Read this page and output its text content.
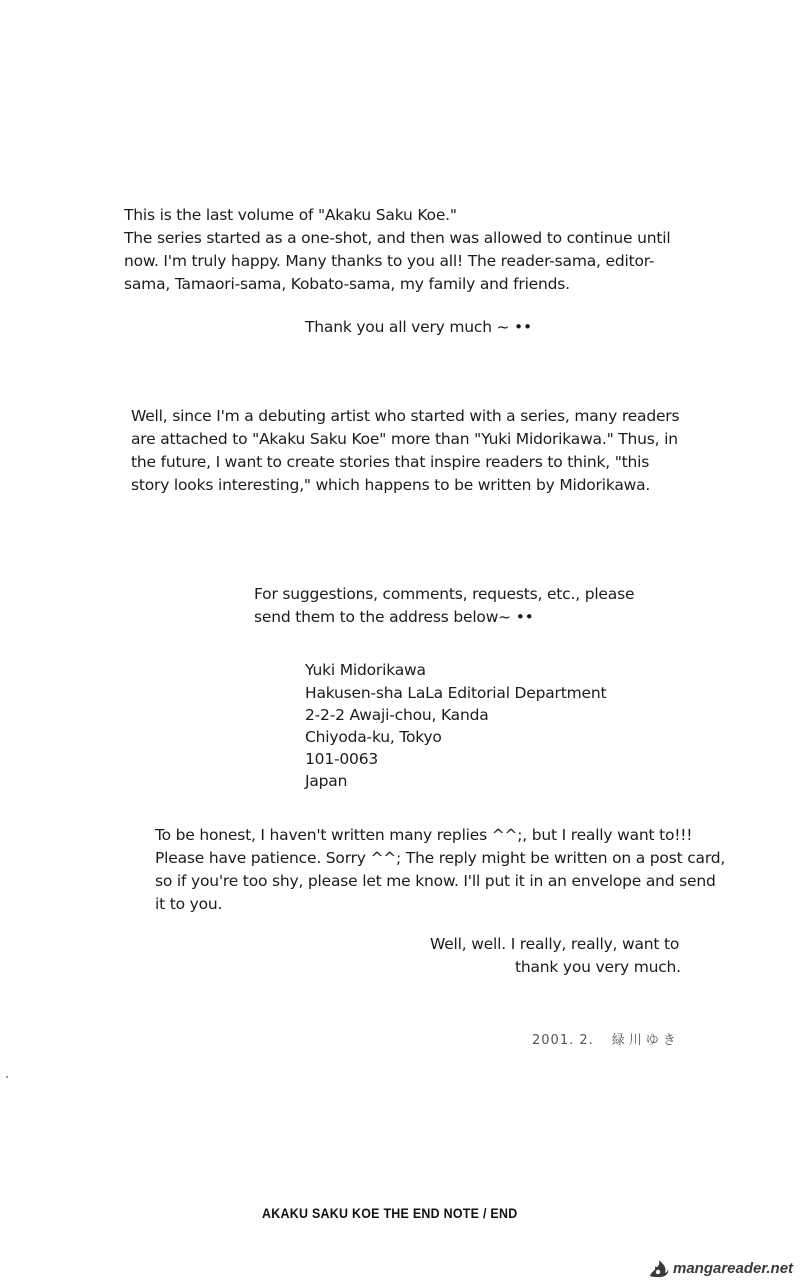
This is the last volume of "Akaku Saku Koe."
The series started as a one-shot, and then was allowed to continue until
now. I'm truly happy. Many thanks to you all! The reader-sama, editor-
sama, Tamaori-sama, Kobato-sama, my family and friends.
Thank you all very much ~ ••
Well, since I'm a debuting artist who started with a series, many readers
are attached to "Akaku Saku Koe" more than "Yuki Midorikawa." Thus, in
the future, I want to create stories that inspire readers to think, "this
story looks interesting," which happens to be written by Midorikawa.
For suggestions, comments, requests, etc., please
send them to the address below~ ••
Yuki Midorikawa
Hakusen-sha LaLa Editorial Department
2-2-2 Awaji-chou, Kanda
Chiyoda-ku, Tokyo
101-0063
Japan
To be honest, I haven't written many replies ^^;, but I really want to!!!
Please have patience. Sorry ^^; The reply might be written on a post card,
so if you're too shy, please let me know. I'll put it in an envelope and send
it to you.
Well, well. I really, really, want to
thank you very much.
2001. 2. 緑川ゆき
AKAKU SAKU KOE THE END NOTE / END
mangareader.net
